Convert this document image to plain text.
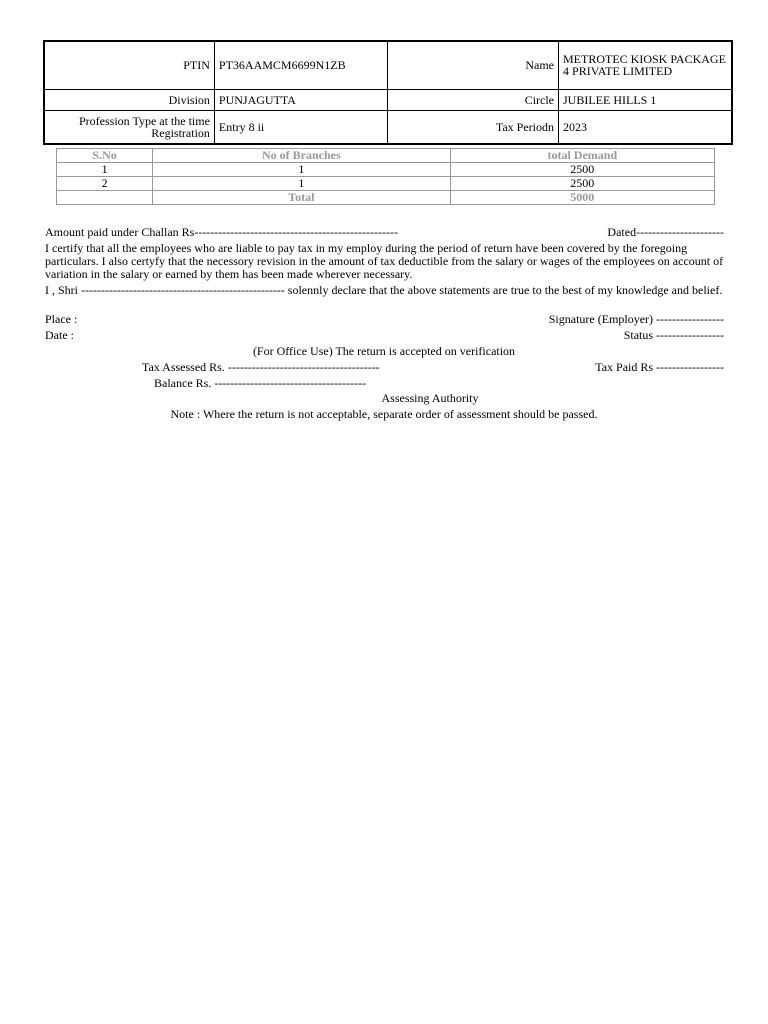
PTIN	PT36AAMCM6699N1ZB	Name	METROTEC KIOSK PACKAGE 4 PRIVATE LIMITED
Division	PUNJAGUTTA	Circle	JUBILEE HILLS 1
Profession Type at the time Registration	Entry 8 ii	Tax Periodn	2023
S.No	No of Branches	total Demand
1	1	2500
2	1	2500
	Total	5000
Amount paid under Challan Rs---------------------------------------------------	Dated----------------------
I certify that all the employees who are liable to pay tax in my employ during the period of return have been covered by the foregoing particulars. I also certyfy that the necessory revision in the amount of tax deductible from the salary or wages of the employees on account of variation in the salary or earned by them has been made wherever necessary.
I , Shri --------------------------------------------------- solennly declare that the above statements are true to the best of my knowledge and belief.
Place :	Signature (Employer) -----------------
Date :	Status -----------------
(For Office Use) The return is accepted on verification
Tax Assessed Rs. --------------------------------------	Tax Paid Rs -----------------
Balance Rs. --------------------------------------
Assessing Authority
Note : Where the return is not acceptable, separate order of assessment should be passed.
